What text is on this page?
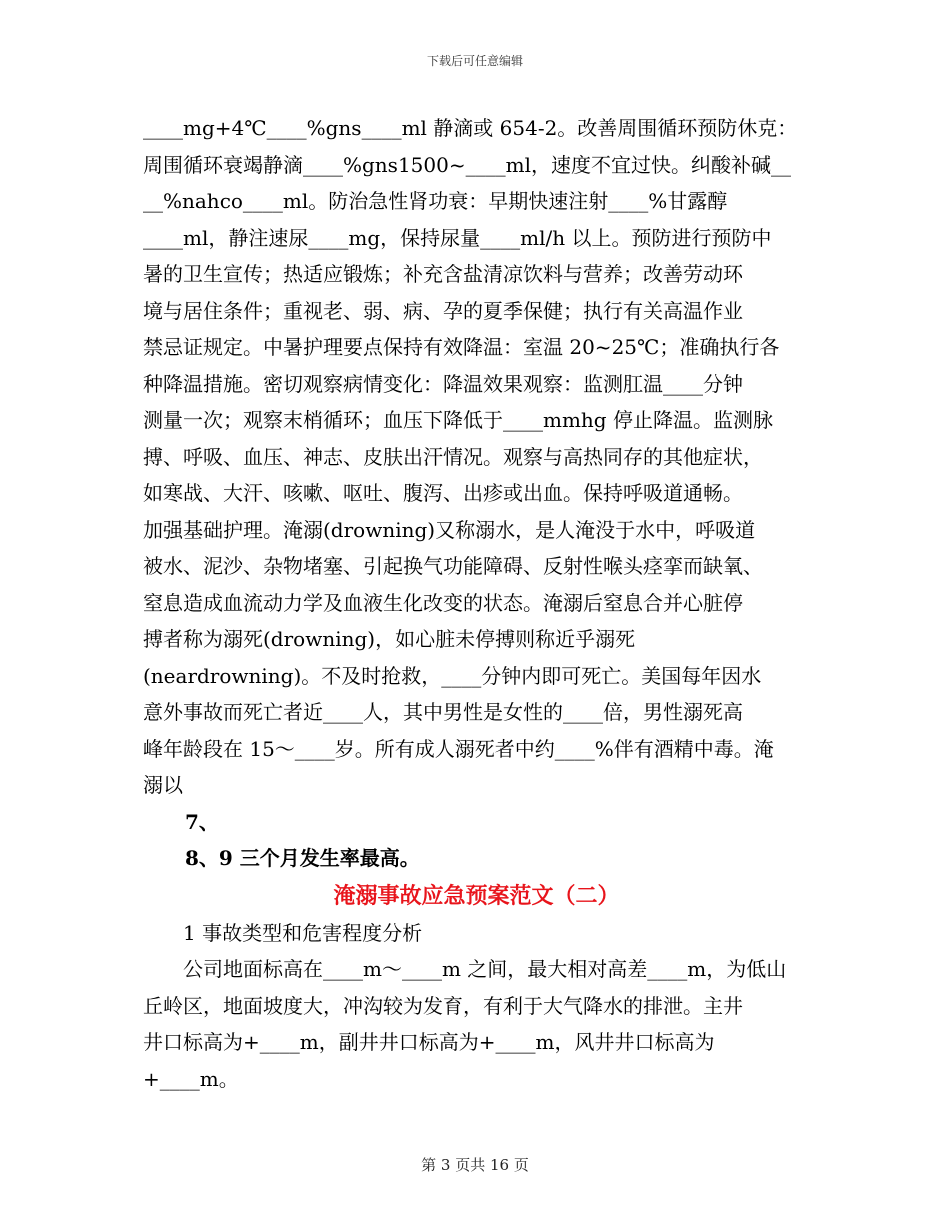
下载后可任意编辑
____mg+4℃____%gns____ml 静滴或 654-2。改善周围循环预防休克：
周围循环衰竭静滴____%gns1500~____ml，速度不宜过快。纠酸补碱__
__%nahco____ml。防治急性肾功衰：早期快速注射____%甘露醇
____ml，静注速尿____mg，保持尿量____ml/h 以上。预防进行预防中
暑的卫生宣传；热适应锻炼；补充含盐清凉饮料与营养；改善劳动环
境与居住条件；重视老、弱、病、孕的夏季保健；执行有关高温作业
禁忌证规定。中暑护理要点保持有效降温：室温 20~25℃；准确执行各
种降温措施。密切观察病情变化：降温效果观察：监测肛温____分钟
测量一次；观察末梢循环；血压下降低于____mmhg 停止降温。监测脉
搏、呼吸、血压、神志、皮肤出汗情况。观察与高热同存的其他症状，
如寒战、大汗、咳嗽、呕吐、腹泻、出疹或出血。保持呼吸道通畅。
加强基础护理。淹溺(drowning)又称溺水，是人淹没于水中，呼吸道
被水、泥沙、杂物堵塞、引起换气功能障碍、反射性喉头痉挛而缺氧、
窒息造成血流动力学及血液生化改变的状态。淹溺后窒息合并心脏停
搏者称为溺死(drowning)，如心脏未停搏则称近乎溺死
(neardrowning)。不及时抢救，____分钟内即可死亡。美国每年因水
意外事故而死亡者近____人，其中男性是女性的____倍，男性溺死高
峰年龄段在 15～____岁。所有成人溺死者中约____%伴有酒精中毒。淹
溺以
7、
8、9 三个月发生率最高。
淹溺事故应急预案范文（二）
1 事故类型和危害程度分析
公司地面标高在____m～____m 之间，最大相对高差____m，为低山
丘岭区，地面坡度大，冲沟较为发育，有利于大气降水的排泄。主井
井口标高为+____m，副井井口标高为+____m，风井井口标高为
+____m。
第 3 页共 16 页
